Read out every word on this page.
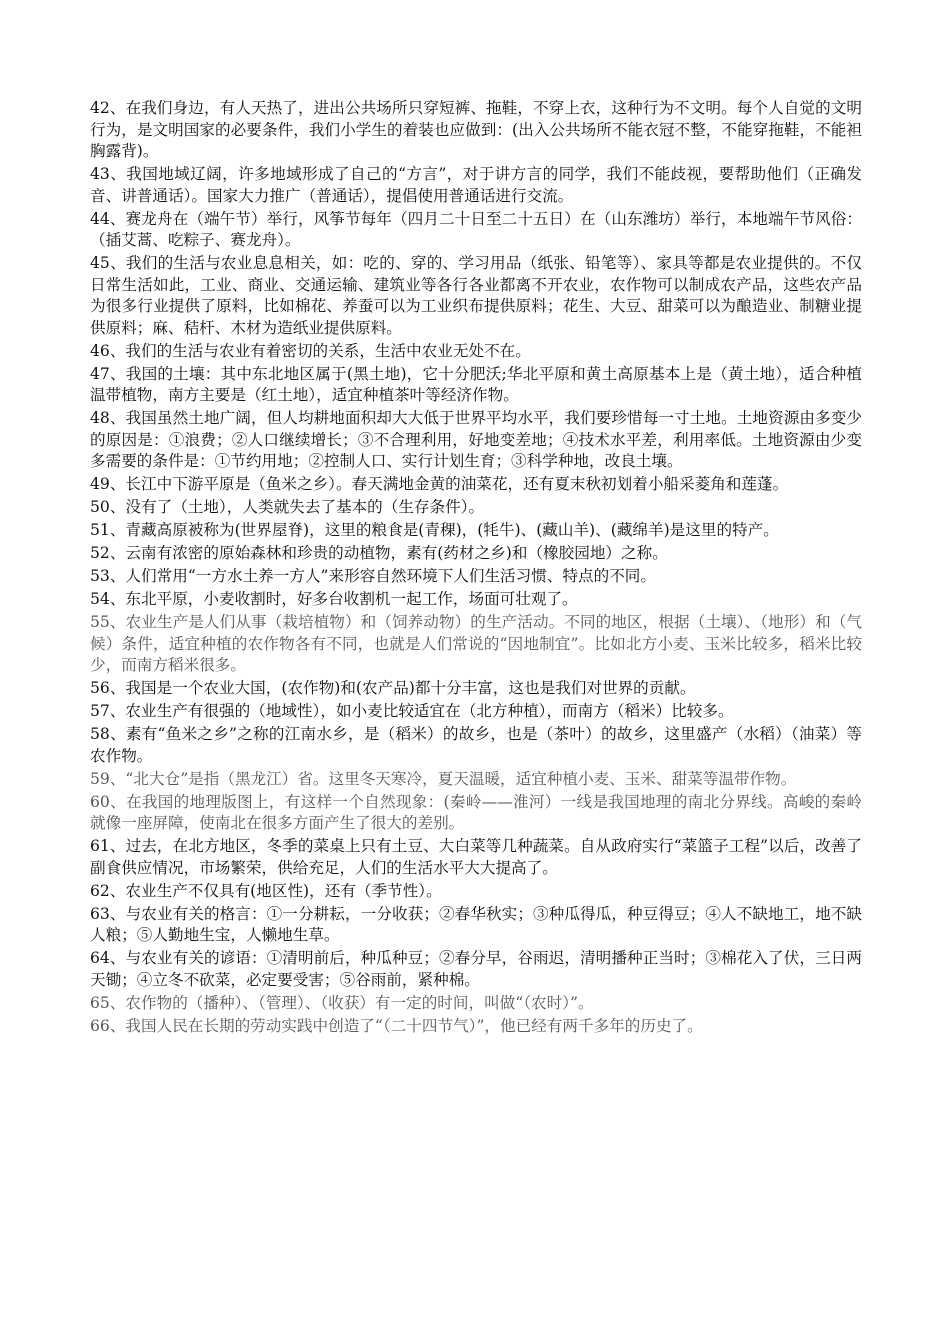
42、在我们身边，有人天热了，进出公共场所只穿短裤、拖鞋，不穿上衣，这种行为不文明。每个人自觉的文明行为，是文明国家的必要条件，我们小学生的着装也应做到：(出入公共场所不能衣冠不整，不能穿拖鞋，不能袒胸露背)。

43、我国地域辽阔，许多地域形成了自己的“方言”，对于讲方言的同学，我们不能歧视，要帮助他们（正确发音、讲普通话）。国家大力推广（普通话），提倡使用普通话进行交流。

44、赛龙舟在（端午节）举行，风筝节每年（四月二十日至二十五日）在（山东潍坊）举行，本地端午节风俗：（插艾蒿、吃粽子、赛龙舟）。

45、我们的生活与农业息息相关，如：吃的、穿的、学习用品（纸张、铅笔等）、家具等都是农业提供的。不仅日常生活如此，工业、商业、交通运输、建筑业等各行各业都离不开农业，农作物可以制成农产品，这些农产品为很多行业提供了原料，比如棉花、养蚕可以为工业织布提供原料；花生、大豆、甜菜可以为酿造业、制糖业提供原料；麻、秸杆、木材为造纸业提供原料。

46、我们的生活与农业有着密切的关系，生活中农业无处不在。

47、我国的土壤：其中东北地区属于(黑土地)，它十分肥沃;华北平原和黄土高原基本上是（黄土地），适合种植温带植物，南方主要是（红土地），适宜种植茶叶等经济作物。

48、我国虽然土地广阔，但人均耕地面积却大大低于世界平均水平，我们要珍惜每一寸土地。土地资源由多变少的原因是：①浪费；②人口继续增长；③不合理利用，好地变差地；④技术水平差，利用率低。土地资源由少变多需要的条件是：①节约用地；②控制人口、实行计划生育；③科学种地，改良土壤。

49、长江中下游平原是（鱼米之乡）。春天满地金黄的油菜花，还有夏末秋初划着小船采菱角和莲蓬。

50、没有了（土地），人类就失去了基本的（生存条件）。

51、青藏高原被称为(世界屋脊)，这里的粮食是(青稞)，(牦牛)、(藏山羊)、(藏绵羊)是这里的特产。

52、云南有浓密的原始森林和珍贵的动植物，素有(药材之乡)和（橡胶园地）之称。

53、人们常用“一方水土养一方人”来形容自然环境下人们生活习惯、特点的不同。

54、东北平原，小麦收割时，好多台收割机一起工作，场面可壮观了。

55、农业生产是人们从事（栽培植物）和（饲养动物）的生产活动。不同的地区，根据（土壤）、（地形）和（气候）条件，适宜种植的农作物各有不同，也就是人们常说的“因地制宜”。比如北方小麦、玉米比较多，稻米比较少，而南方稻米很多。

56、我国是一个农业大国，(农作物)和(农产品)都十分丰富，这也是我们对世界的贡献。

57、农业生产有很强的（地域性），如小麦比较适宜在（北方种植），而南方（稻米）比较多。

58、素有“鱼米之乡”之称的江南水乡，是（稻米）的故乡，也是（茶叶）的故乡，这里盛产（水稻）（油菜）等农作物。

59、“北大仓”是指（黑龙江）省。这里冬天寒冷，夏天温暖，适宜种植小麦、玉米、甜菜等温带作物。

60、在我国的地理版图上，有这样一个自然现象：(秦岭——淮河）一线是我国地理的南北分界线。高峻的秦岭就像一座屏障，使南北在很多方面产生了很大的差别。

61、过去，在北方地区，冬季的菜桌上只有土豆、大白菜等几种蔬菜。自从政府实行“菜篮子工程”以后，改善了副食供应情况，市场繁荣，供给充足，人们的生活水平大大提高了。

62、农业生产不仅具有(地区性)，还有（季节性）。

63、与农业有关的格言：①一分耕耘，一分收获；②春华秋实；③种瓜得瓜，种豆得豆；④人不缺地工，地不缺人粮；⑤人勤地生宝，人懒地生草。

64、与农业有关的谚语：①清明前后，种瓜种豆；②春分早，谷雨迟，清明播种正当时；③棉花入了伏，三日两天锄；④立冬不砍菜，必定要受害；⑤谷雨前，紧种棉。

65、农作物的（播种）、（管理）、（收获）有一定的时间，叫做“（农时）”。

66、我国人民在长期的劳动实践中创造了“（二十四节气）”，他已经有两千多年的历史了。
